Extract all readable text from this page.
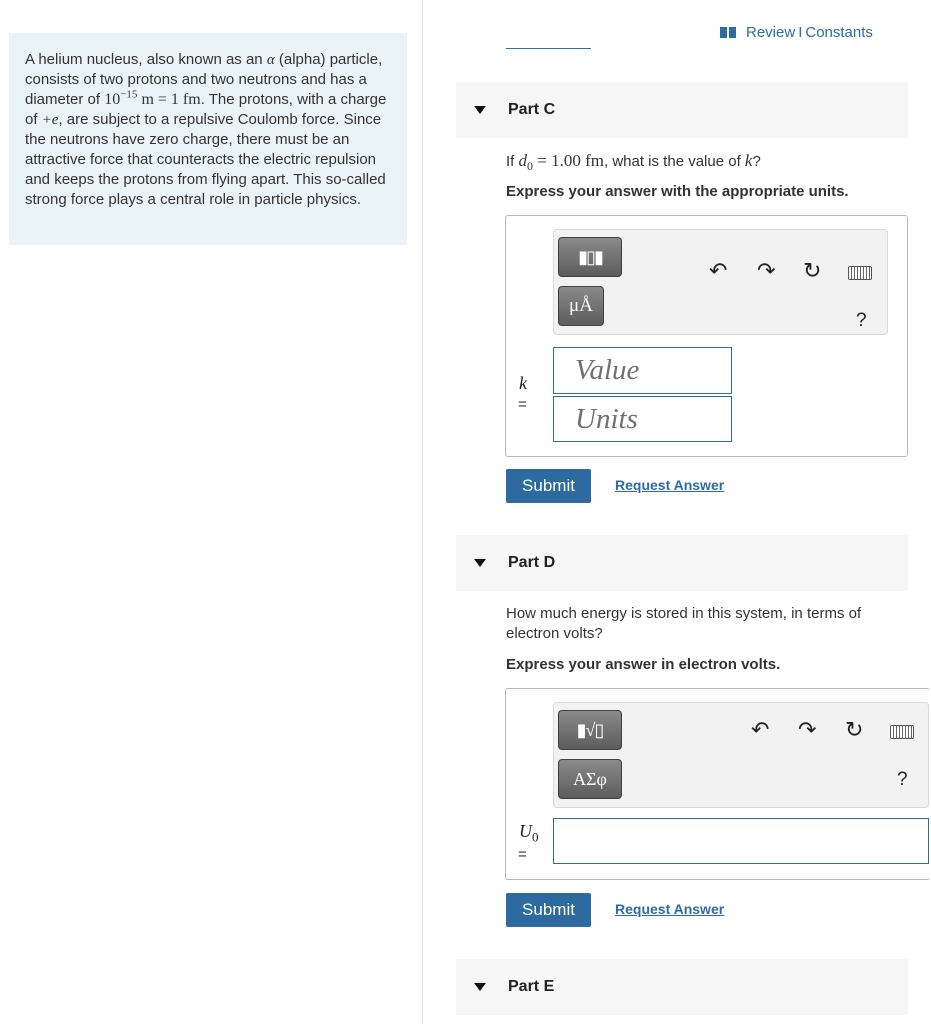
A helium nucleus, also known as an α (alpha) particle, consists of two protons and two neutrons and has a diameter of $10^{-15}$ m = 1 fm. The protons, with a charge of +e, are subject to a repulsive Coulomb force. Since the neutrons have zero charge, there must be an attractive force that counteracts the electric repulsion and keeps the protons from flying apart. This so-called strong force plays a central role in particle physics.

Review I Constants
Part C
If $d_0 = 1.00$ fm, what is the value of k?
Express your answer with the appropriate units.
▮▯▮
μÅ
↶ ↷ ↻
?
k
=
Value
Units
Submit	Request Answer
Part D
How much energy is stored in this system, in terms of electron volts?
Express your answer in electron volts.
▮√▯
ΑΣφ
↶ ↷ ↻
?
$U_0$
=
Submit	Request Answer
Part E
